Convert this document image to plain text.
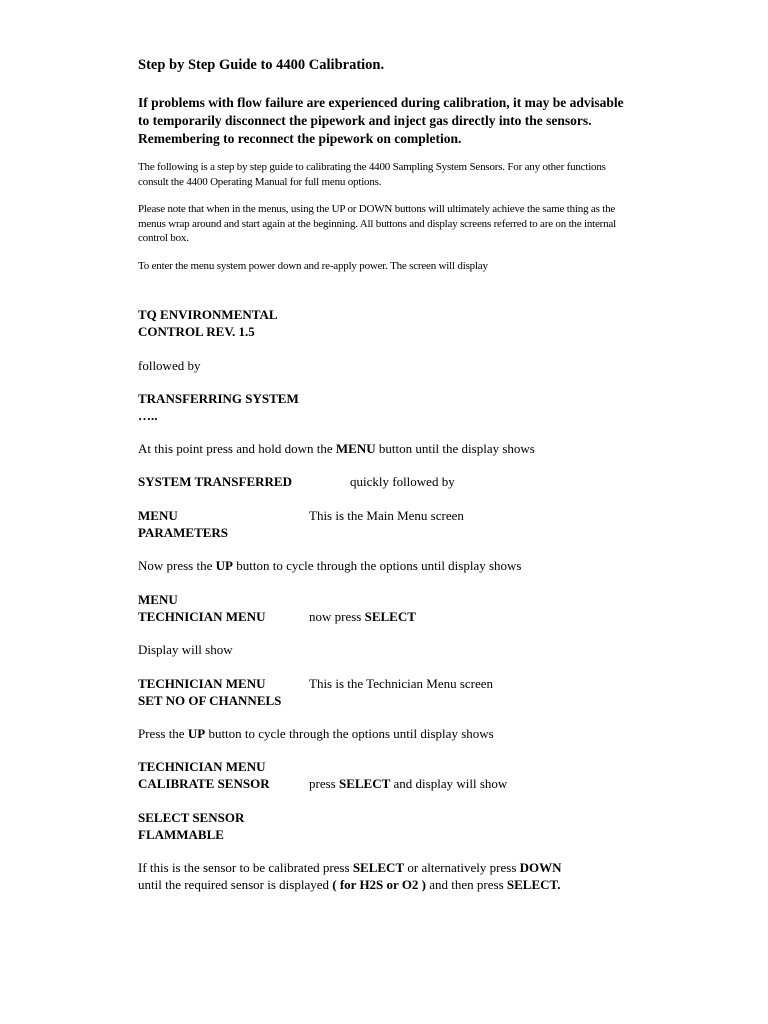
Step by Step Guide to 4400 Calibration.
If problems with flow failure are experienced during calibration, it may be advisable to temporarily disconnect the pipework and inject gas directly into the sensors. Remembering to reconnect the pipework on completion.
The following is a step by step guide to calibrating the 4400 Sampling System Sensors. For any other functions consult the 4400 Operating Manual for full menu options.
Please note that when in the menus, using the UP or DOWN buttons will ultimately achieve the same thing as the menus wrap around and start again at the beginning. All buttons and display screens referred to are on the internal control box.
To enter the menu system power down and re-apply power. The screen will display
TQ ENVIRONMENTAL
CONTROL REV. 1.5
followed by
TRANSFERRING SYSTEM
…..
At this point press and hold down the MENU button until the display shows
SYSTEM TRANSFERRED	quickly followed by
MENU
PARAMETERS
This is the Main Menu screen
Now press the UP button to cycle through the options until display shows
MENU
TECHNICIAN MENU	now press SELECT
Display will show
TECHNICIAN MENU
SET NO OF CHANNELS
This is the Technician Menu screen
Press the UP button to cycle through the options until display shows
TECHNICIAN MENU
CALIBRATE SENSOR	press SELECT and display will show
SELECT SENSOR
FLAMMABLE
If this is the sensor to be calibrated press SELECT or alternatively press DOWN
until the required sensor is displayed ( for H2S or O2 ) and then press SELECT.
